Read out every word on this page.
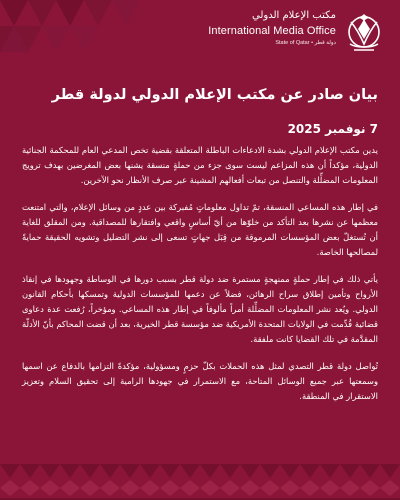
مكتب الإعلام الدولي
International Media Office
State of Qatar • دولة قطر
بيان صادر عن مكتب الإعلام الدولي لدولة قطر
7 نوفمبر 2025

يدين مكتب الإعلام الدولي بشدة الادعاءات الباطلة المتعلقة بقضية تخص المدعي العام للمحكمة الجنائية الدولية، مؤكداً أن هذه المزاعم ليست سوى جزء من حملةٍ منسقة يشنها بعض المغرضين بهدف ترويج المعلومات المضلِّلة والتنصل من تبعات أفعالهم المشينة عبر صرف الأنظار نحو الآخرين.

في إطار هذه المساعي المنسقة، تمّ تداول معلوماتٍ مُفبركة بين عددٍ من وسائل الإعلام، والتي امتنعت معظمها عن نشرها بعد التأكد من خلوّها من أيّ أساسٍ واقعي وافتقارها للمصداقية. ومن المقلق للغاية أن تُستغلّ بعض المؤسسات المرموقة من قِبَل جهاتٍ تسعى إلى نشر التضليل وتشويه الحقيقة حمايةً لمصالحها الخاصة.

يأتي ذلك في إطار حملةٍ ممنهجةٍ مستمرة ضد دولة قطر بسبب دورها في الوساطة وجهودها في إنقاذ الأرواح وتأمين إطلاق سراح الرهائن، فضلاً عن دعمها للمؤسسات الدولية وتمسكها بأحكام القانون الدولي. ويُعد نشر المعلومات المضلِّلة أمراً مألوفاً في إطار هذه المساعي. ومؤخراً، رُفعت عدة دعاوى قضائية قُدِّمت في الولايات المتحدة الأمريكية ضد مؤسسة قطر الخيرية، بعد أن قضت المحاكم بأنّ الأدلّة المقدَّمة في تلك القضايا كانت ملفقة.

تُواصل دولة قطر التصدي لمثل هذه الحملات بكلّ حزمٍ ومسؤولية، مؤكدةً التزامها بالدفاع عن اسمها وسمعتها عبر جميع الوسائل المتاحة، مع الاستمرار في جهودها الرامية إلى تحقيق السلام وتعزيز الاستقرار في المنطقة.
